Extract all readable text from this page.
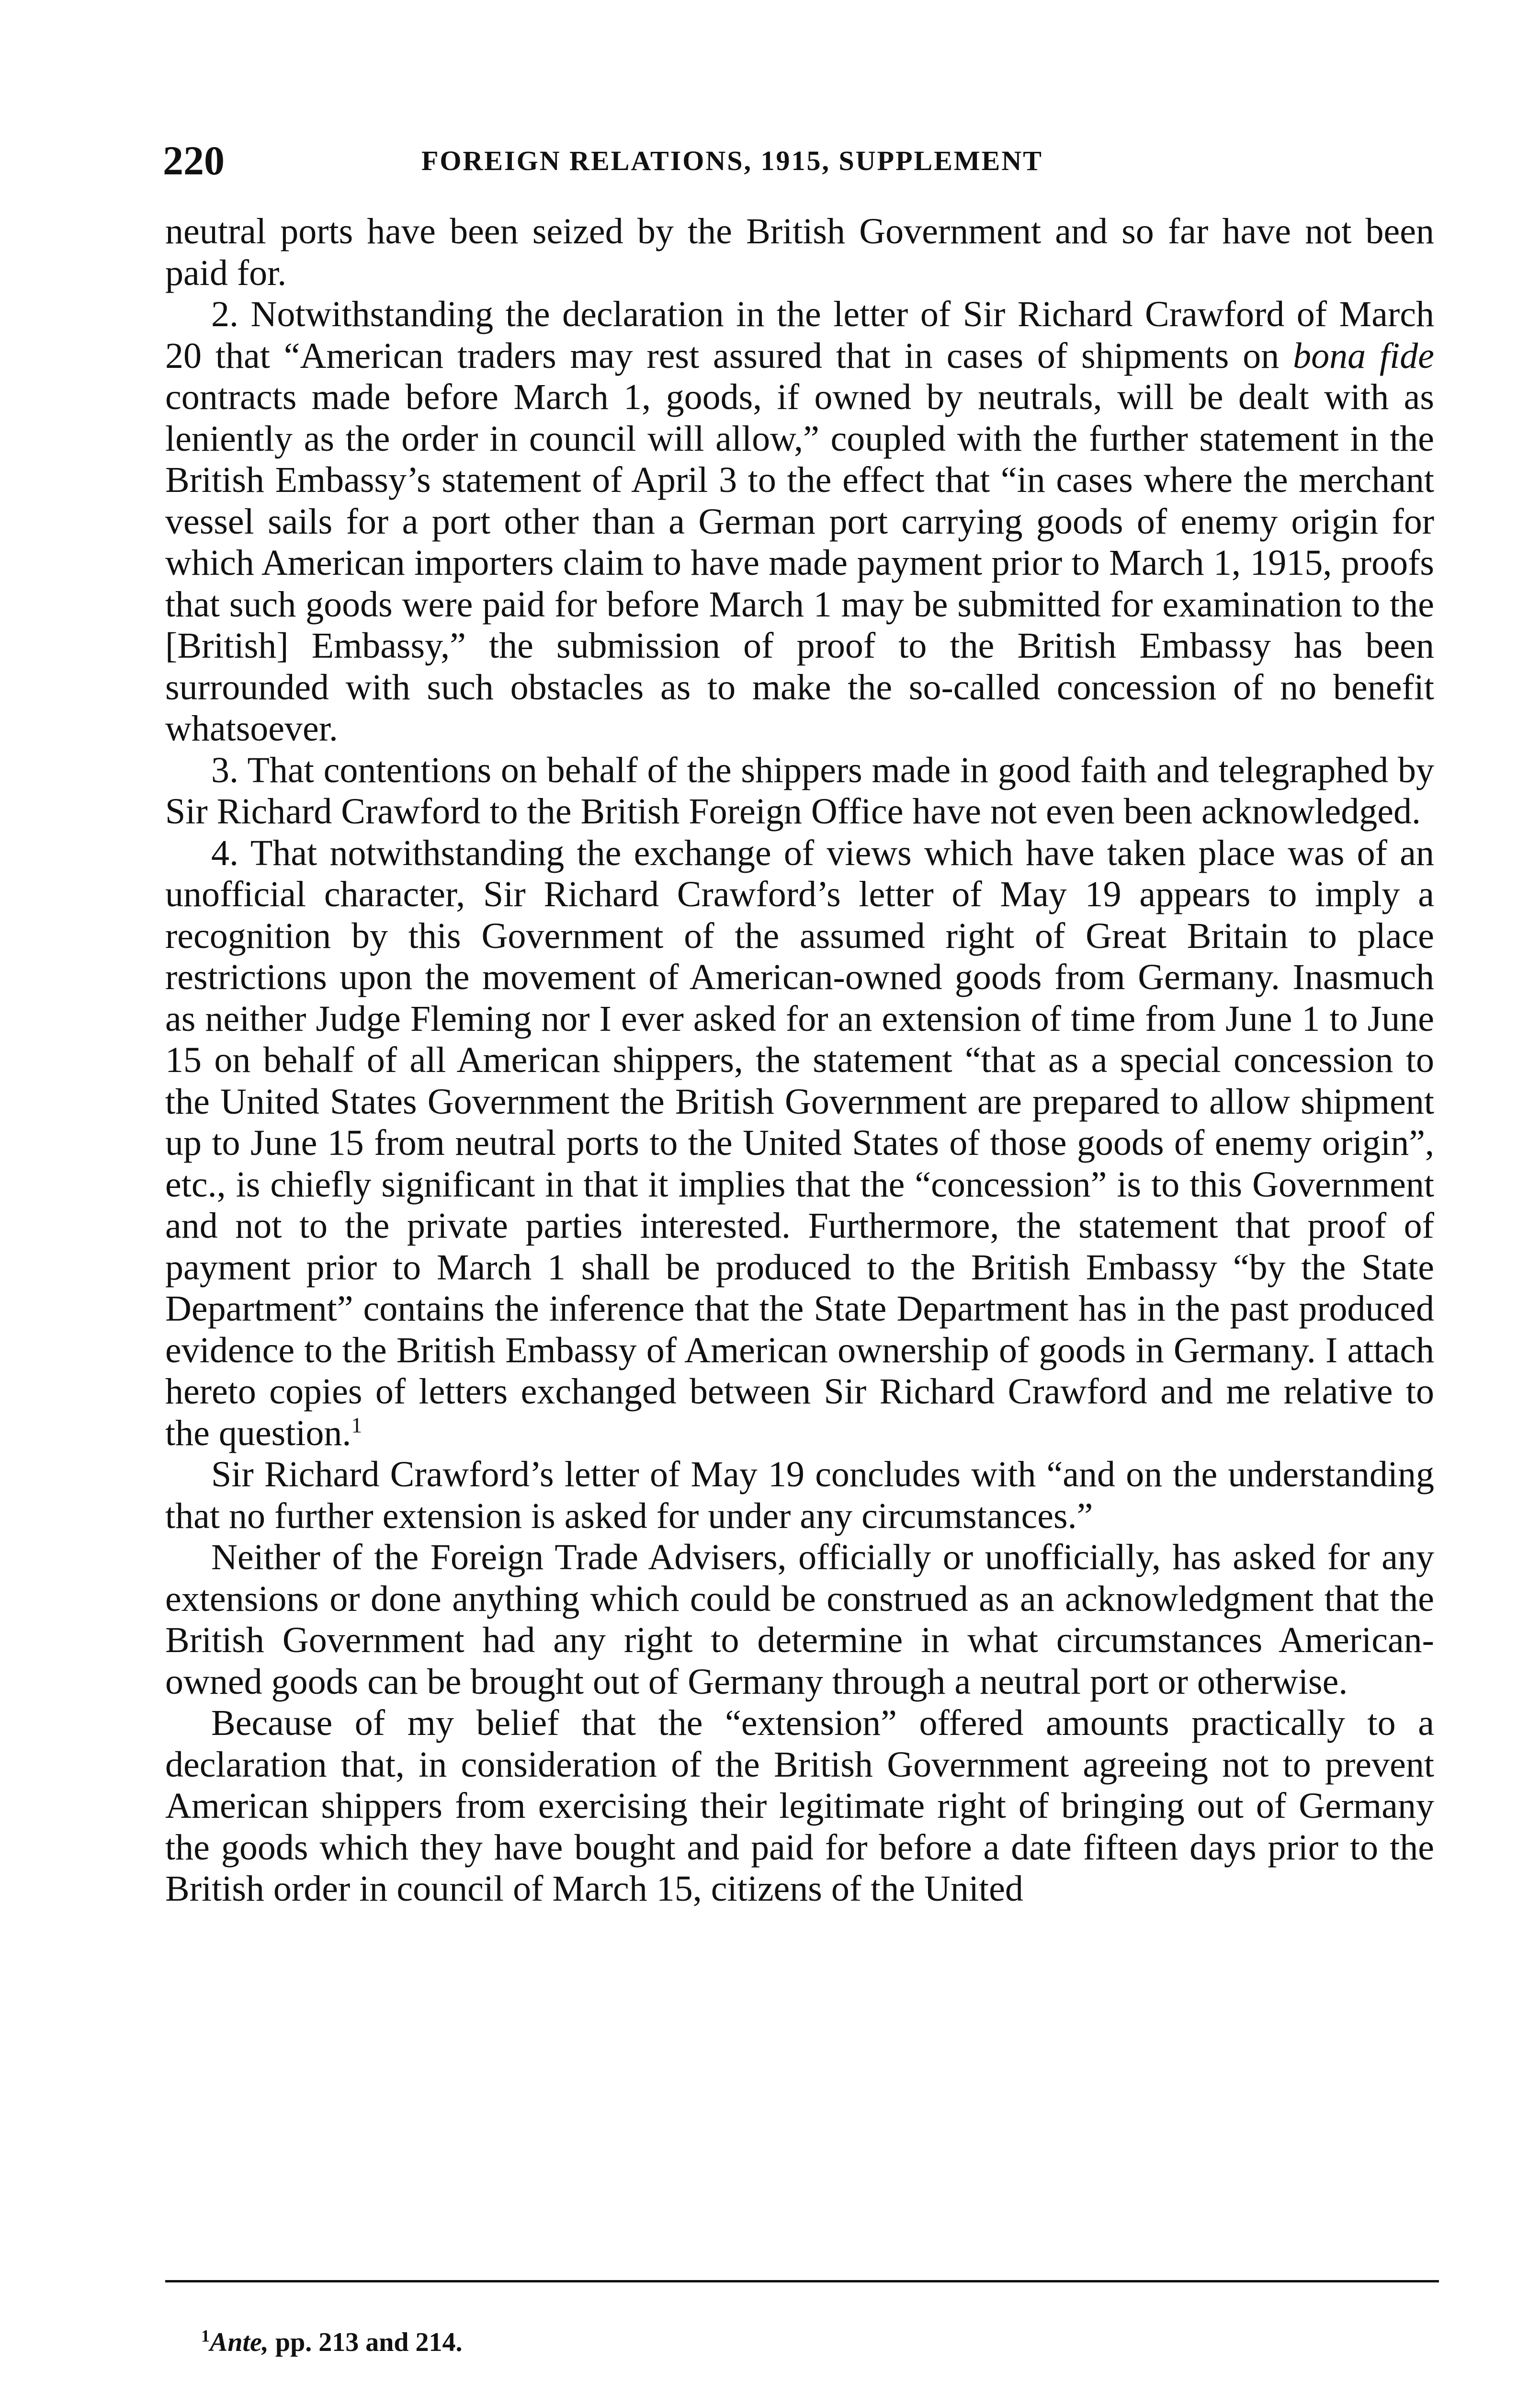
220	FOREIGN RELATIONS, 1915, SUPPLEMENT

neutral ports have been seized by the British Government and so far have not been paid for.

2. Notwithstanding the declaration in the letter of Sir Richard Crawford of March 20 that “American traders may rest assured that in cases of shipments on bona fide contracts made before March 1, goods, if owned by neutrals, will be dealt with as leniently as the order in council will allow,” coupled with the further statement in the British Embassy’s statement of April 3 to the effect that “in cases where the merchant vessel sails for a port other than a German port carrying goods of enemy origin for which American importers claim to have made payment prior to March 1, 1915, proofs that such goods were paid for before March 1 may be submitted for examination to the [British] Embassy,” the submission of proof to the British Embassy has been surrounded with such obstacles as to make the so-called concession of no benefit whatsoever.

3. That contentions on behalf of the shippers made in good faith and telegraphed by Sir Richard Crawford to the British Foreign Office have not even been acknowledged.

4. That notwithstanding the exchange of views which have taken place was of an unofficial character, Sir Richard Crawford’s letter of May 19 appears to imply a recognition by this Government of the assumed right of Great Britain to place restrictions upon the movement of American-owned goods from Germany. Inasmuch as neither Judge Fleming nor I ever asked for an extension of time from June 1 to June 15 on behalf of all American shippers, the statement “that as a special concession to the United States Government the British Government are prepared to allow shipment up to June 15 from neutral ports to the United States of those goods of enemy origin”, etc., is chiefly significant in that it implies that the “concession” is to this Government and not to the private parties interested. Furthermore, the statement that proof of payment prior to March 1 shall be produced to the British Embassy “by the State Department” contains the inference that the State Department has in the past produced evidence to the British Embassy of American ownership of goods in Germany. I attach hereto copies of letters exchanged between Sir Richard Crawford and me relative to the question.$^1$

Sir Richard Crawford’s letter of May 19 concludes with “and on the understanding that no further extension is asked for under any circumstances.”

Neither of the Foreign Trade Advisers, officially or unofficially, has asked for any extensions or done anything which could be construed as an acknowledgment that the British Government had any right to determine in what circumstances American-owned goods can be brought out of Germany through a neutral port or otherwise.

Because of my belief that the “extension” offered amounts practically to a declaration that, in consideration of the British Government agreeing not to prevent American shippers from exercising their legitimate right of bringing out of Germany the goods which they have bought and paid for before a date fifteen days prior to the British order in council of March 15, citizens of the United

$^1$Ante, pp. 213 and 214.
